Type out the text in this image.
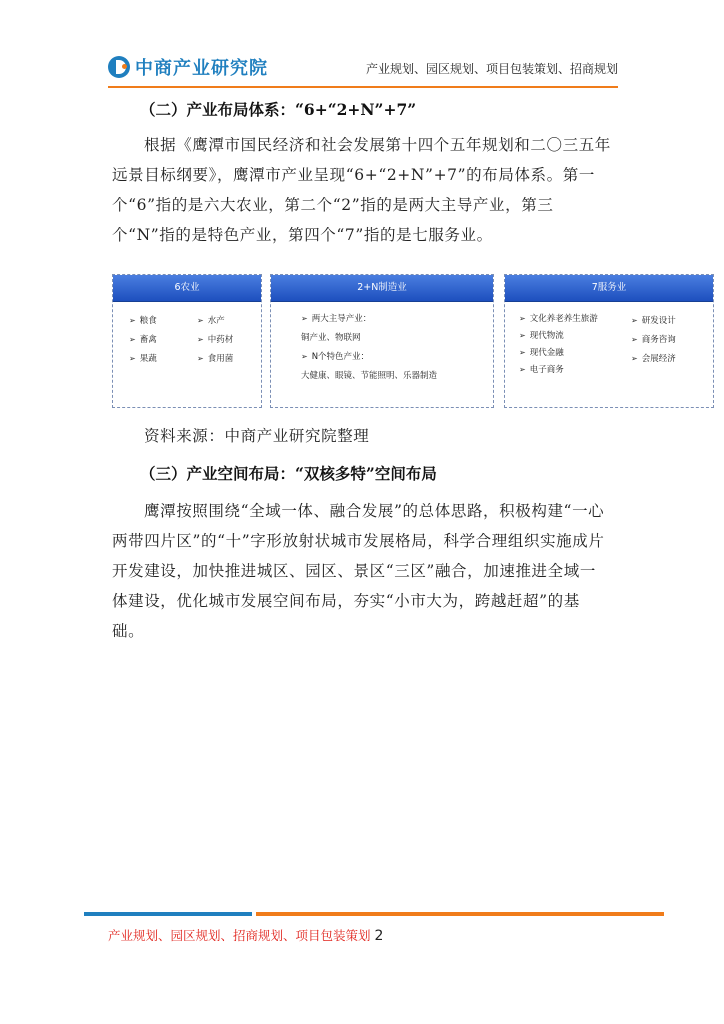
中商产业研究院	产业规划、园区规划、项目包装策划、招商规划
（二）产业布局体系：“6+“2+N”+7”

根据《鹰潭市国民经济和社会发展第十四个五年规划和二〇三五年远景目标纲要》，鹰潭市产业呈现“6+“2+N”+7”的布局体系。第一个“6”指的是六大农业，第二个“2”指的是两大主导产业，第三个“N”指的是特色产业，第四个“7”指的是七服务业。

6农业
➢ 粮食
➢ 畜禽
➢ 果蔬
➢ 水产
➢ 中药材
➢ 食用菌
2+N制造业
➢ 两大主导产业：
铜产业、物联网
➢ N个特色产业：
大健康、眼镜、节能照明、乐器制造
7服务业
➢ 文化养老养生旅游
➢ 现代物流
➢ 现代金融
➢ 电子商务
➢ 研发设计
➢ 商务咨询
➢ 会展经济
资料来源：中商产业研究院整理
（三）产业空间布局：“双核多特”空间布局

鹰潭按照围绕“全域一体、融合发展”的总体思路，积极构建“一心两带四片区”的“十”字形放射状城市发展格局，科学合理组织实施成片开发建设，加快推进城区、园区、景区“三区”融合，加速推进全域一体建设，优化城市发展空间布局，夯实“小市大为，跨越赶超”的基础。

产业规划、园区规划、招商规划、项目包装策划 2
